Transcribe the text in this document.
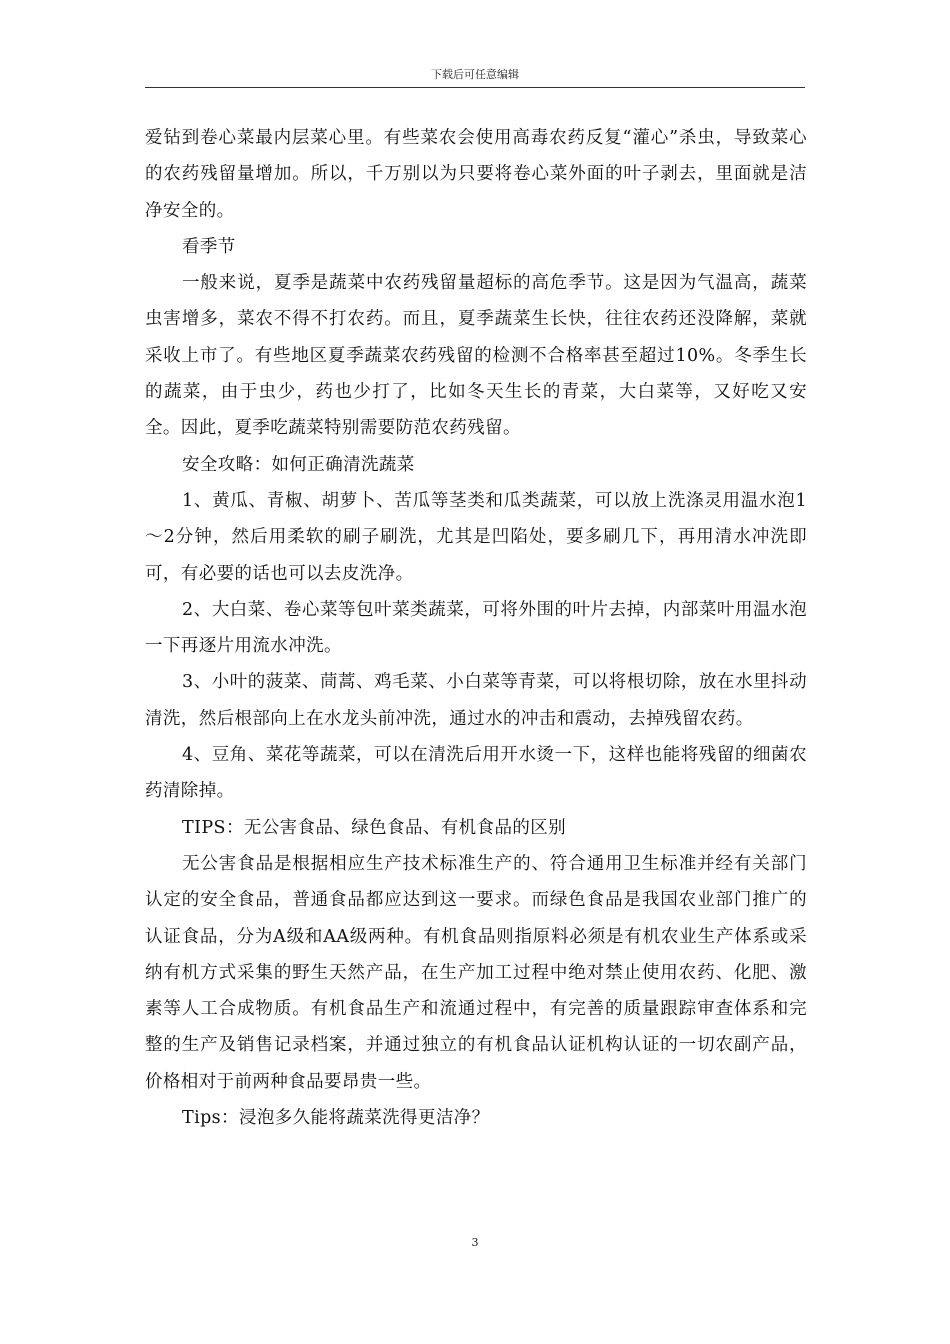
下载后可任意编辑

爱钻到卷心菜最内层菜心里。有些菜农会使用高毒农药反复“灌心”杀虫，导致菜心的农药残留量增加。所以，千万别以为只要将卷心菜外面的叶子剥去，里面就是洁净安全的。

看季节

一般来说，夏季是蔬菜中农药残留量超标的高危季节。这是因为气温高，蔬菜虫害增多，菜农不得不打农药。而且，夏季蔬菜生长快，往往农药还没降解，菜就采收上市了。有些地区夏季蔬菜农药残留的检测不合格率甚至超过10%。冬季生长的蔬菜，由于虫少，药也少打了，比如冬天生长的青菜，大白菜等，又好吃又安全。因此，夏季吃蔬菜特别需要防范农药残留。

安全攻略：如何正确清洗蔬菜

1、黄瓜、青椒、胡萝卜、苦瓜等茎类和瓜类蔬菜，可以放上洗涤灵用温水泡1～2分钟，然后用柔软的刷子刷洗，尤其是凹陷处，要多刷几下，再用清水冲洗即可，有必要的话也可以去皮洗净。

2、大白菜、卷心菜等包叶菜类蔬菜，可将外围的叶片去掉，内部菜叶用温水泡一下再逐片用流水冲洗。

3、小叶的菠菜、茼蒿、鸡毛菜、小白菜等青菜，可以将根切除，放在水里抖动清洗，然后根部向上在水龙头前冲洗，通过水的冲击和震动，去掉残留农药。

4、豆角、菜花等蔬菜，可以在清洗后用开水烫一下，这样也能将残留的细菌农药清除掉。

TIPS：无公害食品、绿色食品、有机食品的区别

无公害食品是根据相应生产技术标准生产的、符合通用卫生标准并经有关部门认定的安全食品，普通食品都应达到这一要求。而绿色食品是我国农业部门推广的认证食品，分为A级和AA级两种。有机食品则指原料必须是有机农业生产体系或采纳有机方式采集的野生天然产品，在生产加工过程中绝对禁止使用农药、化肥、激素等人工合成物质。有机食品生产和流通过程中，有完善的质量跟踪审查体系和完整的生产及销售记录档案，并通过独立的有机食品认证机构认证的一切农副产品，价格相对于前两种食品要昂贵一些。

Tips：浸泡多久能将蔬菜洗得更洁净？

3
